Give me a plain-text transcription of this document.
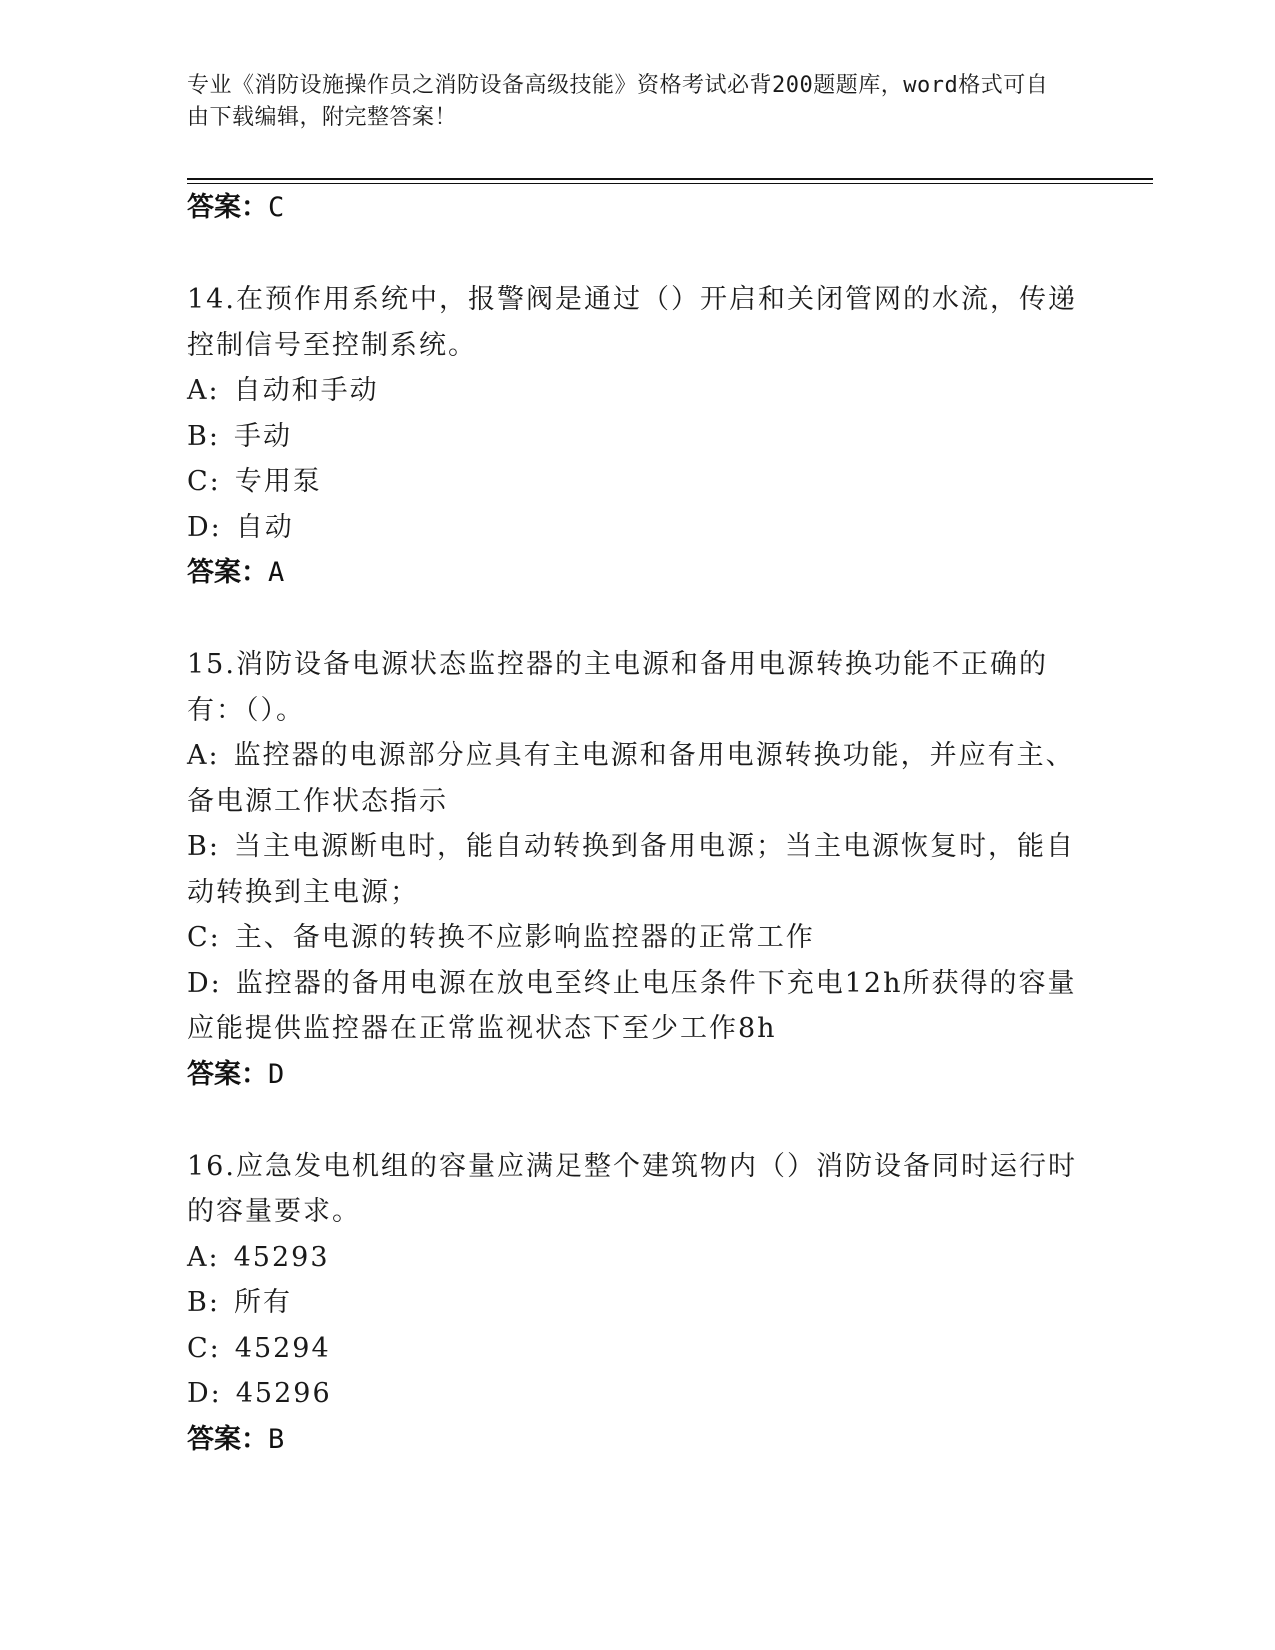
专业《消防设施操作员之消防设备高级技能》资格考试必背200题题库，word格式可自由下载编辑，附完整答案！
答案：C

14.在预作用系统中，报警阀是通过（）开启和关闭管网的水流，传递控制信号至控制系统。

A: 自动和手动
B: 手动
C: 专用泵
D: 自动
答案：A

15.消防设备电源状态监控器的主电源和备用电源转换功能不正确的有：（）。

A: 监控器的电源部分应具有主电源和备用电源转换功能，并应有主、备电源工作状态指示
B: 当主电源断电时，能自动转换到备用电源；当主电源恢复时，能自动转换到主电源；
C: 主、备电源的转换不应影响监控器的正常工作
D: 监控器的备用电源在放电至终止电压条件下充电12h所获得的容量应能提供监控器在正常监视状态下至少工作8h
答案：D

16.应急发电机组的容量应满足整个建筑物内（）消防设备同时运行时的容量要求。

A: 45293
B: 所有
C: 45294
D: 45296
答案：B
